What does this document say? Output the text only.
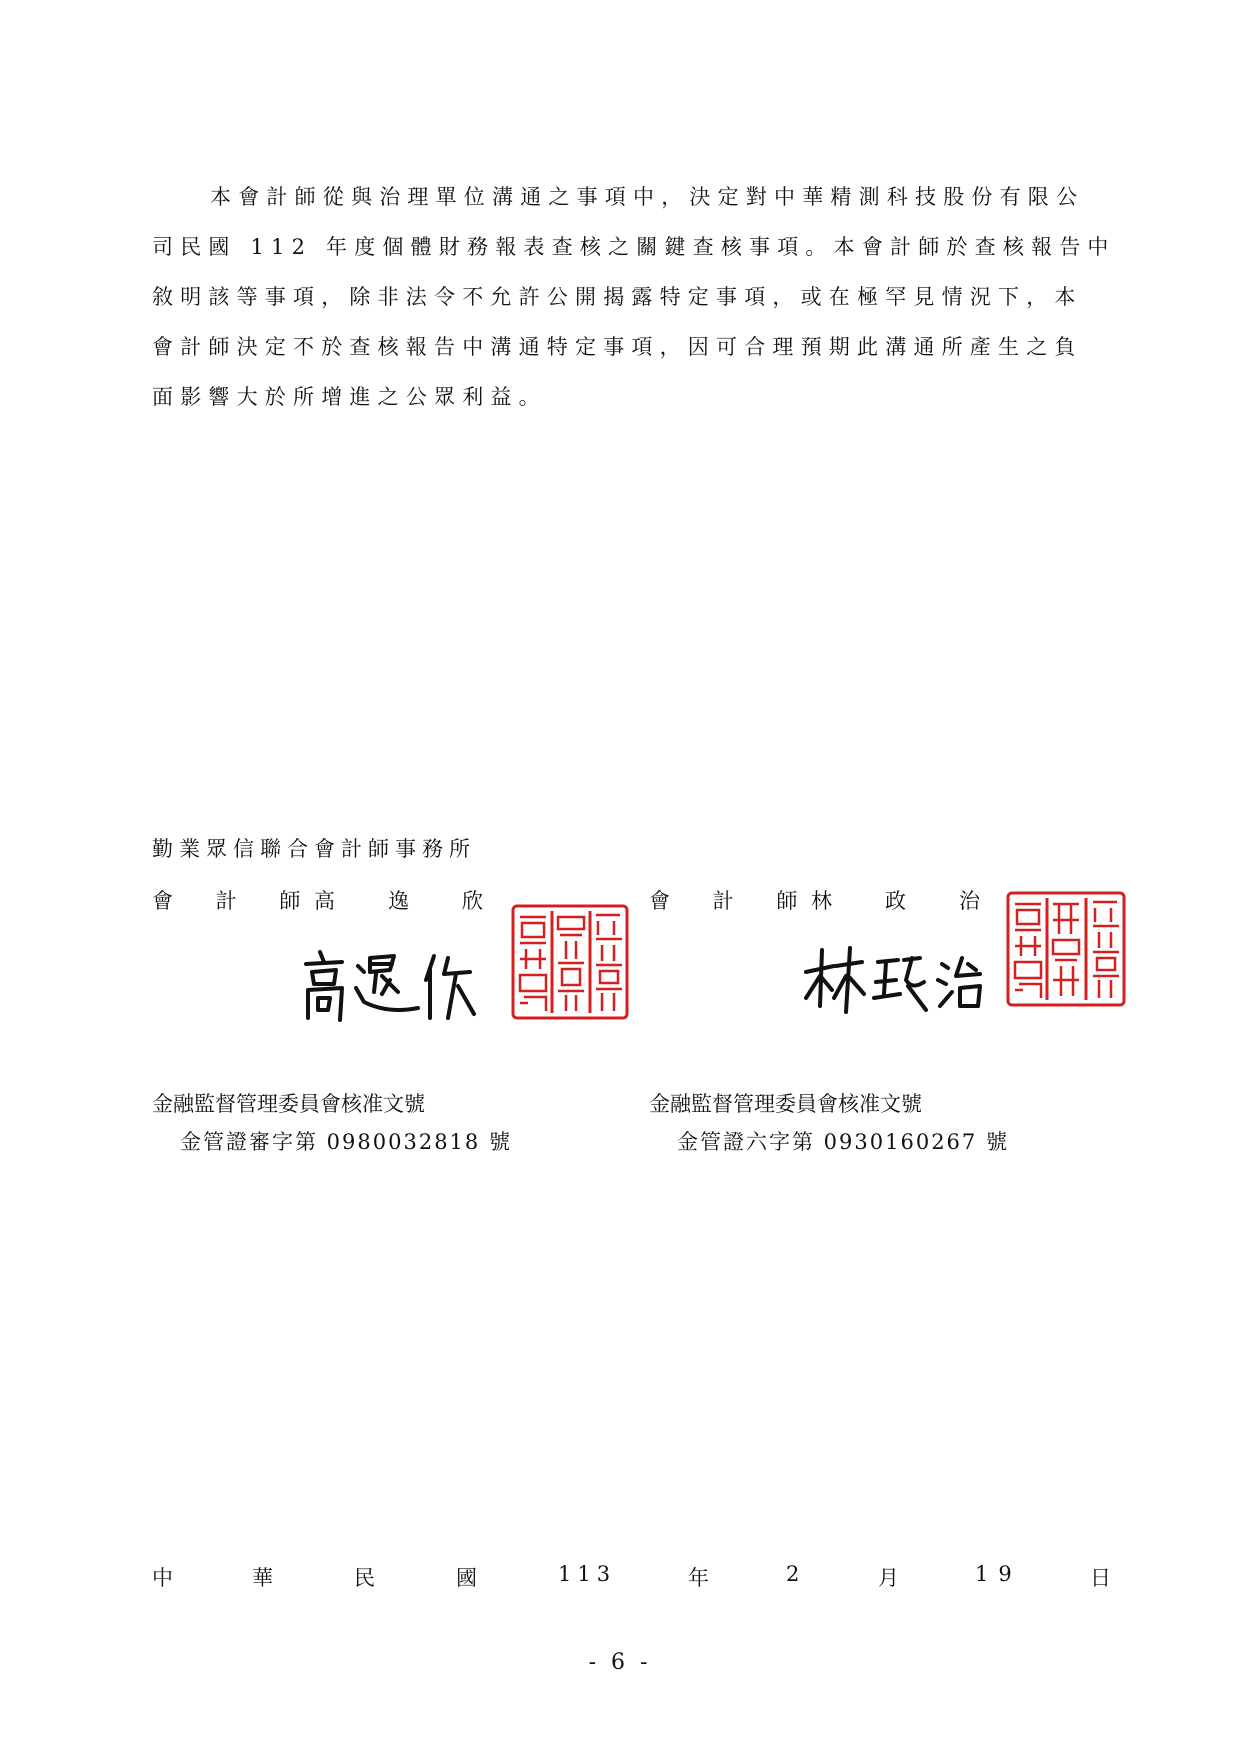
本會計師從與治理單位溝通之事項中，決定對中華精測科技股份有限公
司民國 112 年度個體財務報表查核之關鍵查核事項。本會計師於查核報告中
敘明該等事項，除非法令不允許公開揭露特定事項，或在極罕見情況下，本
會計師決定不於查核報告中溝通特定事項，因可合理預期此溝通所產生之負
面影響大於所增進之公眾利益。
勤業眾信聯合會計師事務所
會 計 師
高	逸	欣	會 計 師
林	政	治
金融監督管理委員會核准文號
金管證審字第 0980032818 號
金融監督管理委員會核准文號
金管證六字第 0930160267 號
中	華	民	國	113	年	2	月	19	日
- 6 -
